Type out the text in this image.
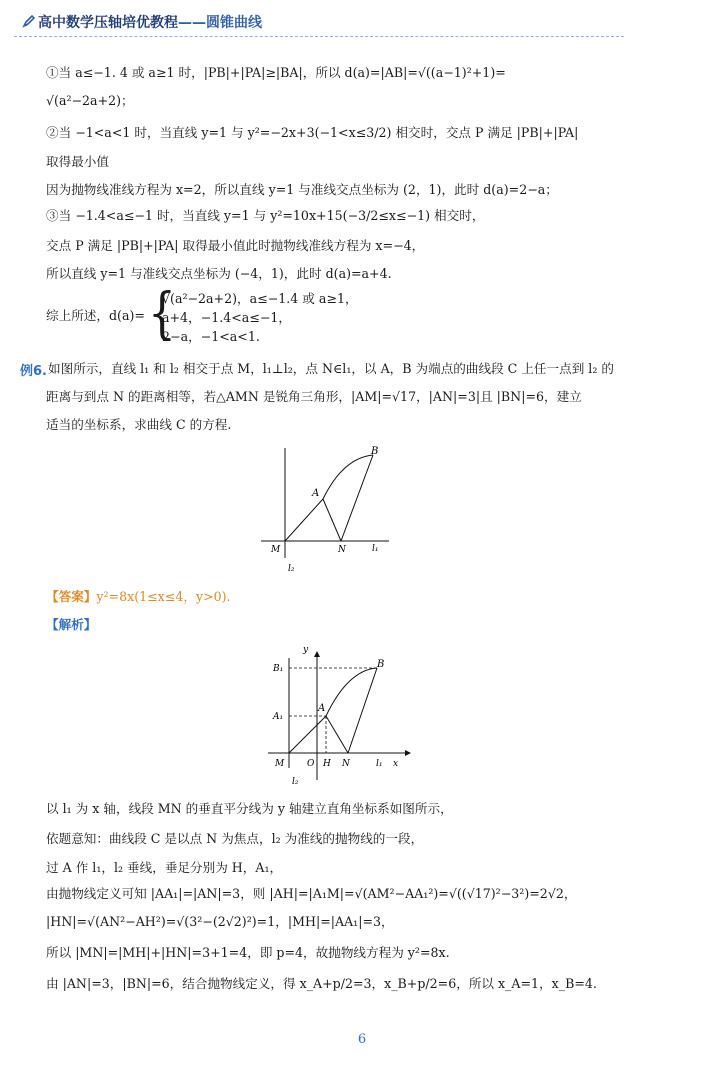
高中数学压轴培优教程——圆锥曲线
①当 a≤−1. 4 或 a≥1 时，|PB|+|PA|≥|BA|，所以 d(a)=|AB|=√((a−1)²+1)=
√(a²−2a+2)；
②当 −1<a<1 时，当直线 y=1 与 y²=−2x+3(−1<x≤3/2) 相交时，交点 P 满足 |PB|+|PA|
取得最小值
因为抛物线准线方程为 x=2，所以直线 y=1 与准线交点坐标为 (2，1)，此时 d(a)=2−a；
③当 −1.4<a≤−1 时，当直线 y=1 与 y²=10x+15(−3/2≤x≤−1) 相交时，
交点 P 满足 |PB|+|PA| 取得最小值此时抛物线准线方程为 x=−4，
所以直线 y=1 与准线交点坐标为 (−4，1)，此时 d(a)=a+4.
综上所述，d(a)= {
√(a²−2a+2)，a≤−1.4 或 a≥1，
a+4，−1.4<a≤−1，
2−a，−1<a<1.
例6. 如图所示，直线 l₁ 和 l₂ 相交于点 M，l₁⊥l₂，点 N∈l₁，以 A，B 为端点的曲线段 C 上任一点到 l₂ 的
距离与到点 N 的距离相等，若△AMN 是锐角三角形，|AM|=√17，|AN|=3|且 |BN|=6，建立
适当的坐标系，求曲线 C 的方程.
B
A
M	N	l₁
l₂
【答案】y²=8x(1≤x≤4，y>0).
【解析】
y
B₁
A₁
A
B
M	O H N	l₁ x
l₂
以 l₁ 为 x 轴，线段 MN 的垂直平分线为 y 轴建立直角坐标系如图所示，
依题意知：曲线段 C 是以点 N 为焦点，l₂ 为准线的抛物线的一段，
过 A 作 l₁，l₂ 垂线，垂足分别为 H，A₁，
由抛物线定义可知 |AA₁|=|AN|=3，则 |AH|=|A₁M|=√(AM²−AA₁²)=√((√17)²−3²)=2√2，
|HN|=√(AN²−AH²)=√(3²−(2√2)²)=1，|MH|=|AA₁|=3，
所以 |MN|=|MH|+|HN|=3+1=4，即 p=4，故抛物线方程为 y²=8x.
由 |AN|=3，|BN|=6，结合抛物线定义，得 x_A+p/2=3，x_B+p/2=6，所以 x_A=1，x_B=4.
6
